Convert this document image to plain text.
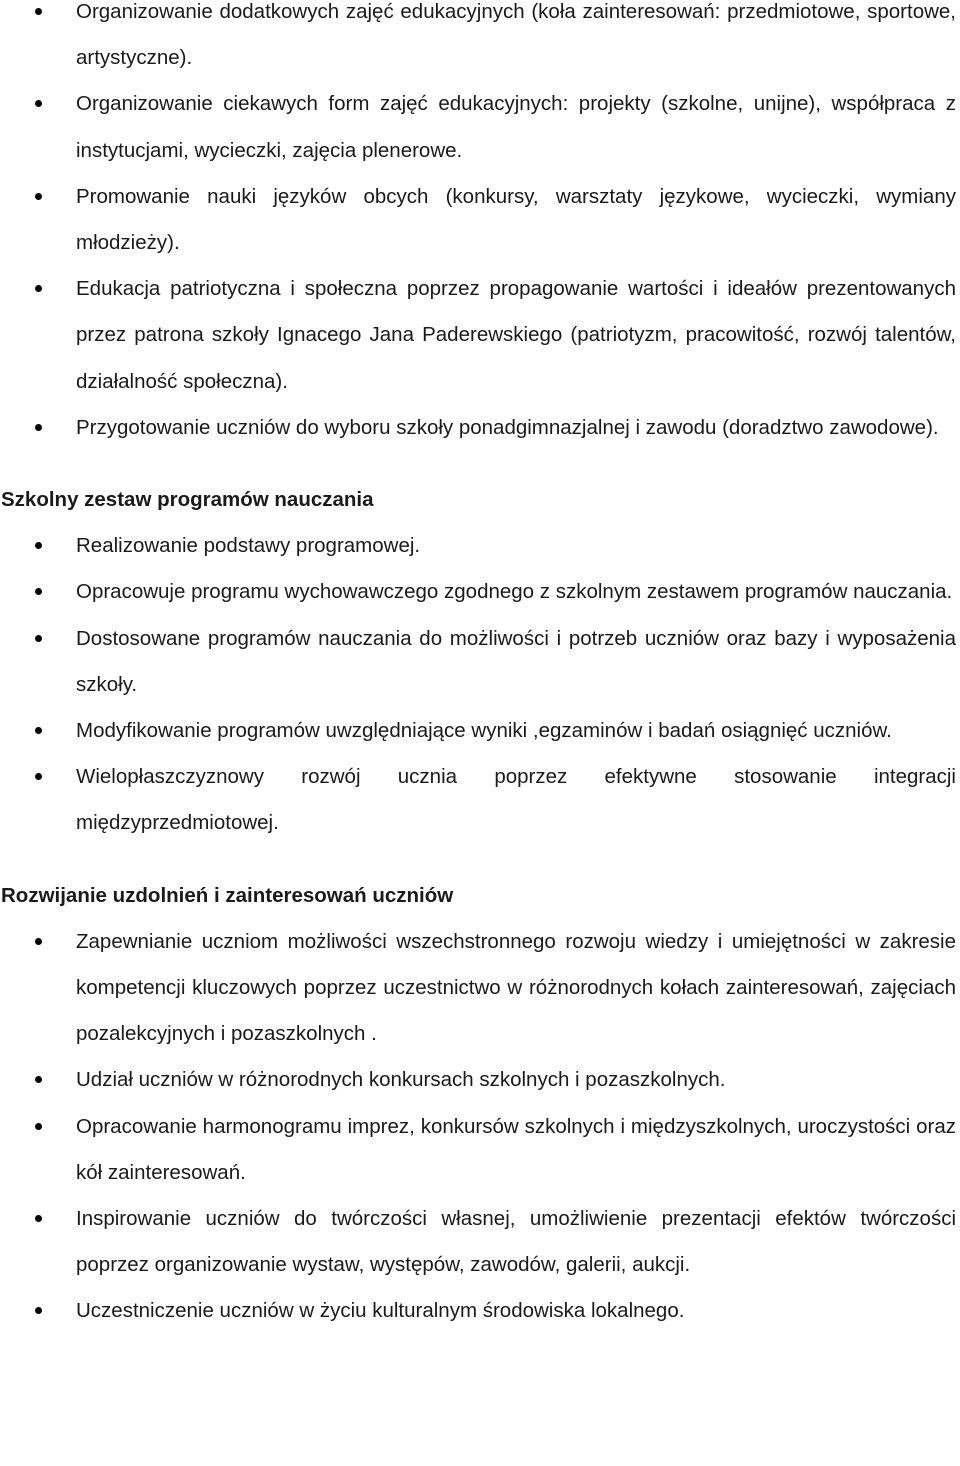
Organizowanie dodatkowych zajęć edukacyjnych (koła zainteresowań: przedmiotowe, sportowe, artystyczne).
Organizowanie ciekawych form zajęć edukacyjnych: projekty (szkolne, unijne), współpraca z instytucjami, wycieczki, zajęcia plenerowe.
Promowanie nauki języków obcych (konkursy, warsztaty językowe, wycieczki, wymiany młodzieży).
Edukacja patriotyczna i społeczna poprzez propagowanie wartości i ideałów prezentowanych przez patrona szkoły Ignacego Jana Paderewskiego (patriotyzm, pracowitość, rozwój talentów, działalność społeczna).
Przygotowanie uczniów do wyboru szkoły ponadgimnazjalnej i zawodu (doradztwo zawodowe).
Szkolny zestaw programów nauczania
Realizowanie podstawy programowej.
Opracowuje programu wychowawczego zgodnego z szkolnym zestawem programów nauczania.
Dostosowane programów nauczania do możliwości i potrzeb uczniów oraz bazy i wyposażenia szkoły.
Modyfikowanie programów uwzględniające wyniki ,egzaminów i badań osiągnięć uczniów.
Wielopłaszczyznowy rozwój ucznia poprzez efektywne stosowanie integracji międzyprzedmiotowej.
Rozwijanie uzdolnień i zainteresowań uczniów
Zapewnianie uczniom możliwości wszechstronnego rozwoju wiedzy i umiejętności w zakresie kompetencji kluczowych poprzez uczestnictwo w różnorodnych kołach zainteresowań, zajęciach pozalekcyjnych i pozaszkolnych .
Udział uczniów w różnorodnych konkursach szkolnych i pozaszkolnych.
Opracowanie harmonogramu imprez, konkursów szkolnych i międzyszkolnych, uroczystości oraz kół zainteresowań.
Inspirowanie uczniów do twórczości własnej, umożliwienie prezentacji efektów twórczości poprzez organizowanie wystaw, występów, zawodów, galerii, aukcji.
Uczestniczenie uczniów w życiu kulturalnym środowiska lokalnego.
